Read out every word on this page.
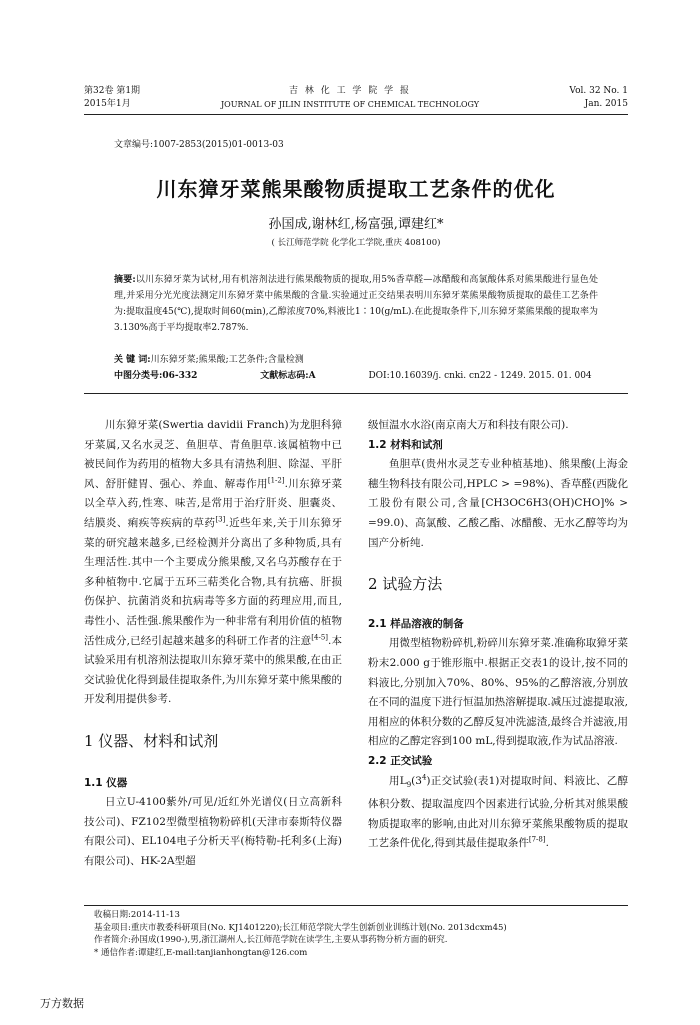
第32卷 第1期
2015年1月
吉 林 化 工 学 院 学 报
JOURNAL OF JILIN INSTITUTE OF CHEMICAL TECHNOLOGY
Vol. 32 No. 1
Jan. 2015
文章编号:1007-2853(2015)01-0013-03
川东獐牙菜熊果酸物质提取工艺条件的优化
孙国成,谢林红,杨富强,谭建红*
( 长江师范学院 化学化工学院,重庆 408100)
摘要:以川东獐牙菜为试材,用有机溶剂法进行熊果酸物质的提取,用5%香草醛—冰醋酸和高氯酸体系对熊果酸进行显色处理,并采用分光光度法测定川东獐牙菜中熊果酸的含量.实验通过正交结果表明川东獐牙菜熊果酸物质提取的最佳工艺条件为:提取温度45(℃),提取时间60(min),乙醇浓度70%,料液比1∶10(g/mL).在此提取条件下,川东獐牙菜熊果酸的提取率为3.130%高于平均提取率2.787%.
关 键 词:川东獐牙菜;熊果酸;工艺条件;含量检测
中图分类号:06-332	文献标志码:A	DOI:10.16039/j. cnki. cn22 - 1249. 2015. 01. 004
川东獐牙菜(Swertia davidii Franch)为龙胆科獐牙菜属,又名水灵芝、鱼胆草、青鱼胆草.该属植物中已被民间作为药用的植物大多具有清热利胆、除湿、平肝风、舒肝健胃、强心、养血、解毒作用[1-2].川东獐牙菜以全草入药,性寒、味苦,是常用于治疗肝炎、胆囊炎、结膜炎、痢疾等疾病的草药[3].近些年来,关于川东獐牙菜的研究越来越多,已经检测并分离出了多种物质,具有生理活性.其中一个主要成分熊果酸,又名乌苏酸存在于多种植物中.它属于五环三萜类化合物,具有抗癌、肝损伤保护、抗菌消炎和抗病毒等多方面的药理应用,而且,毒性小、活性强.熊果酸作为一种非常有利用价值的植物活性成分,已经引起越来越多的科研工作者的注意[4-5].本试验采用有机溶剂法提取川东獐牙菜中的熊果酸,在由正交试验优化得到最佳提取条件,为川东獐牙菜中熊果酸的开发利用提供参考.
1 仪器、材料和试剂
1.1 仪器
日立U-4100紫外/可见/近红外光谱仪(日立高新科技公司)、FZ102型微型植物粉碎机(天津市泰斯特仪器有限公司)、EL104电子分析天平(梅特勒-托利多(上海)有限公司)、HK-2A型超
级恒温水水浴(南京南大万和科技有限公司).
1.2 材料和试剂
鱼胆草(贵州水灵芝专业种植基地)、熊果酸(上海金穗生物科技有限公司,HPLC > =98%)、香草醛(西陇化工股份有限公司,含量[CH3OC6H3(OH)CHO]% > =99.0)、高氯酸、乙酸乙酯、冰醋酸、无水乙醇等均为国产分析纯.
2 试验方法
2.1 样品溶液的制备
用微型植物粉碎机,粉碎川东獐牙菜.准确称取獐牙菜粉末2.000 g于锥形瓶中.根据正交表1的设计,按不同的料液比,分别加入70%、80%、95%的乙醇溶液,分别放在不同的温度下进行恒温加热溶解提取.减压过滤提取液,用相应的体积分数的乙醇反复冲洗滤渣,最终合并滤液,用相应的乙醇定容到100 mL,得到提取液,作为试品溶液.
2.2 正交试验
用$L_9(3^4)$正交试验(表1)对提取时间、料液比、乙醇体积分数、提取温度四个因素进行试验,分析其对熊果酸物质提取率的影响,由此对川东獐牙菜熊果酸物质的提取工艺条件优化,得到其最佳提取条件[7-8].
收稿日期:2014-11-13
基金项目:重庆市教委科研项目(No. KJ1401220);长江师范学院大学生创新创业训练计划(No. 2013dcxm45)
作者简介:孙国成(1990-),男,浙江湖州人,长江师范学院在读学生,主要从事药物分析方面的研究.
* 通信作者:谭建红,E-mail:tanjianhongtan@126.com
万方数据
